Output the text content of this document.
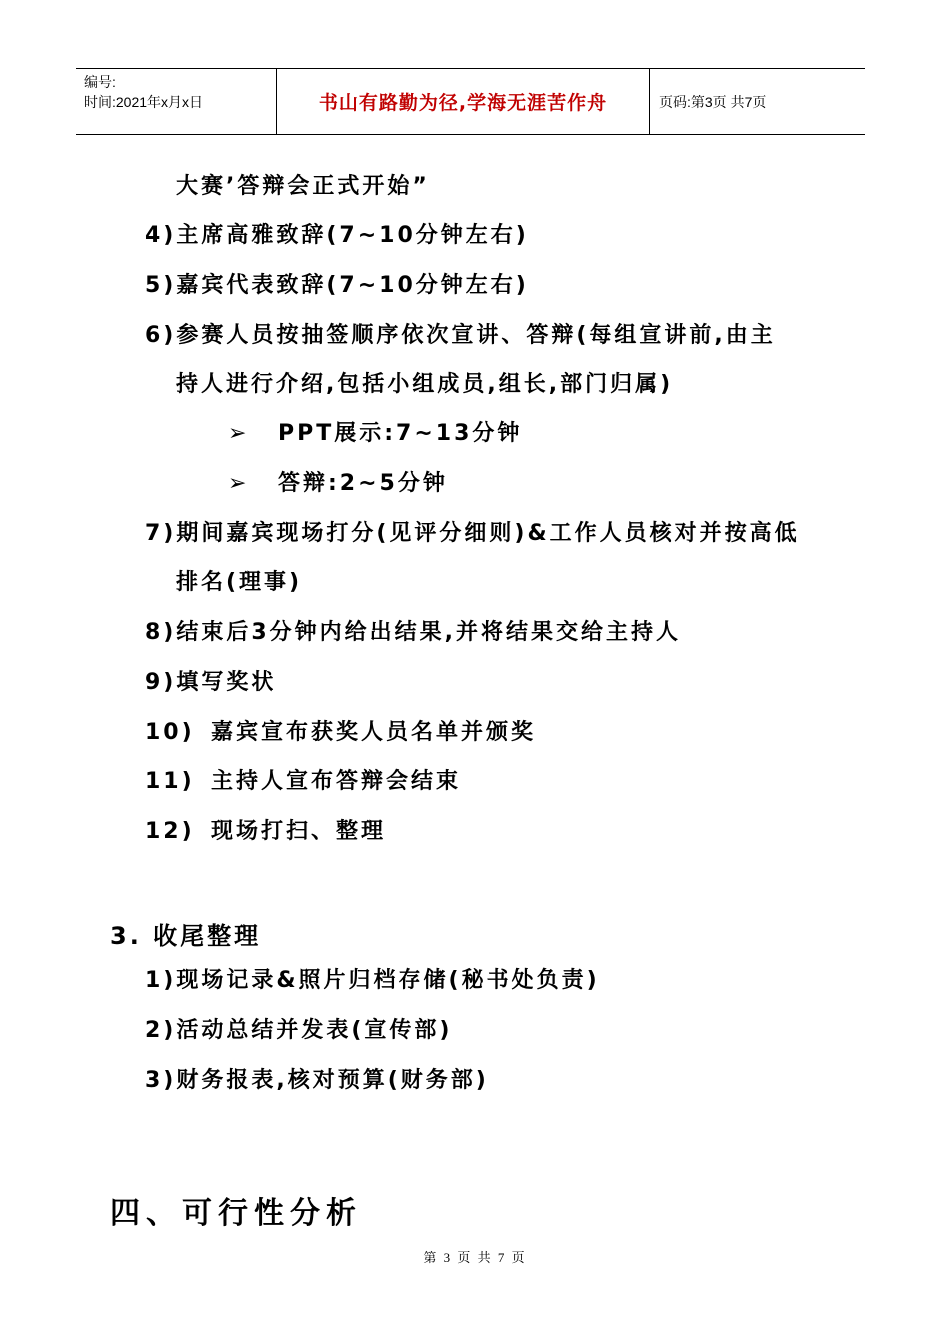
编号:
时间:2021年x月x日	书山有路勤为径,学海无涯苦作舟	页码:第3页 共7页
大赛’答辩会正式开始”
4)主席高雅致辞(7~10分钟左右)
5)嘉宾代表致辞(7~10分钟左右)
6)参赛人员按抽签顺序依次宣讲、答辩(每组宣讲前,由主
持人进行介绍,包括小组成员,组长,部门归属)
➢ PPT展示:7~13分钟
➢ 答辩:2~5分钟
7)期间嘉宾现场打分(见评分细则)&工作人员核对并按高低
排名(理事)
8)结束后3分钟内给出结果,并将结果交给主持人
9)填写奖状
10) 嘉宾宣布获奖人员名单并颁奖
11) 主持人宣布答辩会结束
12) 现场打扫、整理
3. 收尾整理
1)现场记录&照片归档存储(秘书处负责)
2)活动总结并发表(宣传部)
3)财务报表,核对预算(财务部)
四、可行性分析
第 3 页 共 7 页
